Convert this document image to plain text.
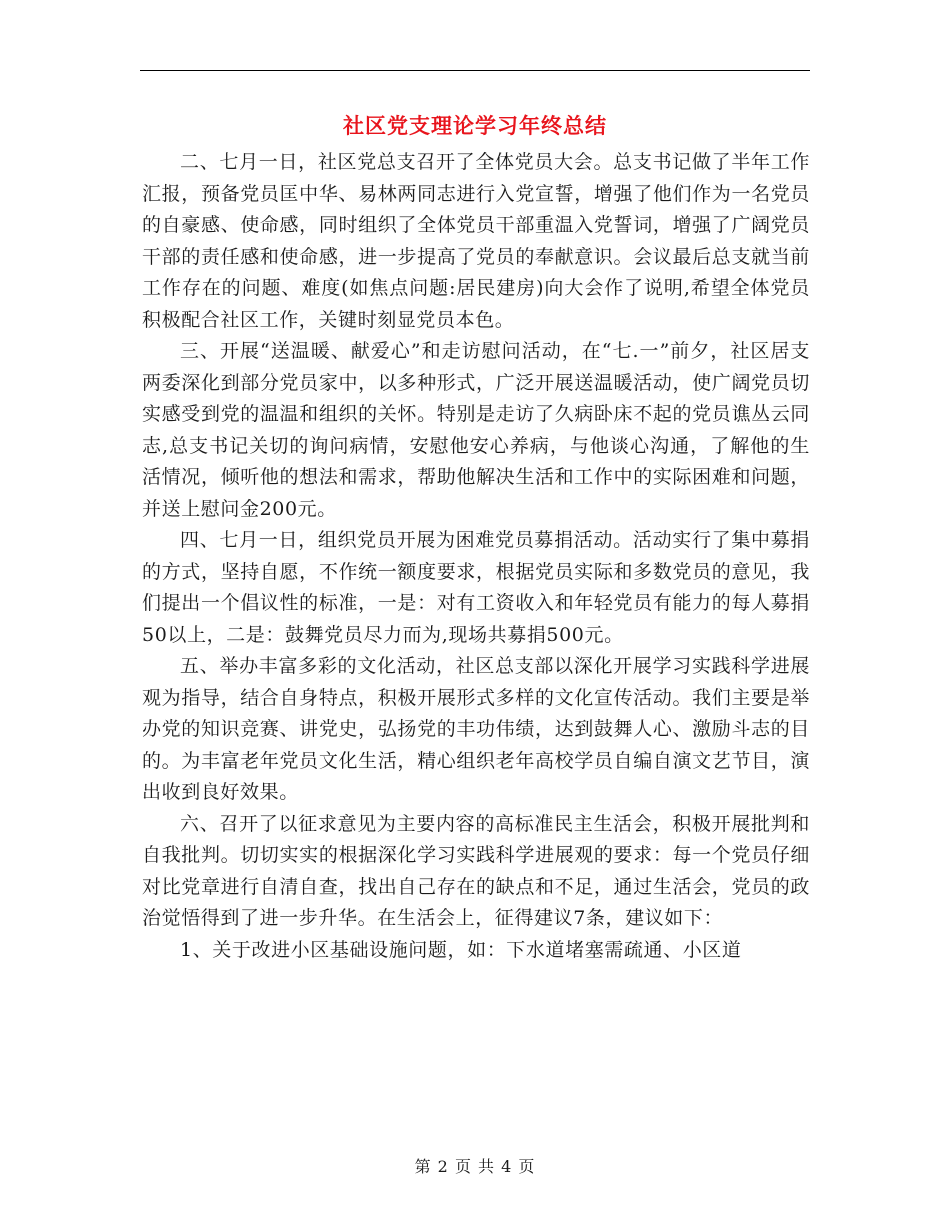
社区党支理论学习年终总结

二、七月一日，社区党总支召开了全体党员大会。总支书记做了半年工作汇报，预备党员匡中华、易林两同志进行入党宣誓，增强了他们作为一名党员的自豪感、使命感，同时组织了全体党员干部重温入党誓词，增强了广阔党员干部的责任感和使命感，进一步提高了党员的奉献意识。会议最后总支就当前工作存在的问题、难度(如焦点问题:居民建房)向大会作了说明,希望全体党员积极配合社区工作，关键时刻显党员本色。

三、开展“送温暖、献爱心”和走访慰问活动，在“七.一”前夕，社区居支两委深化到部分党员家中，以多种形式，广泛开展送温暖活动，使广阔党员切实感受到党的温温和组织的关怀。特别是走访了久病卧床不起的党员谯丛云同志,总支书记关切的询问病情，安慰他安心养病，与他谈心沟通，了解他的生活情况，倾听他的想法和需求，帮助他解决生活和工作中的实际困难和问题，并送上慰问金200元。

四、七月一日，组织党员开展为困难党员募捐活动。活动实行了集中募捐的方式，坚持自愿，不作统一额度要求，根据党员实际和多数党员的意见，我们提出一个倡议性的标准，一是：对有工资收入和年轻党员有能力的每人募捐50以上，二是：鼓舞党员尽力而为,现场共募捐500元。

五、举办丰富多彩的文化活动，社区总支部以深化开展学习实践科学进展观为指导，结合自身特点，积极开展形式多样的文化宣传活动。我们主要是举办党的知识竞赛、讲党史，弘扬党的丰功伟绩，达到鼓舞人心、激励斗志的目的。为丰富老年党员文化生活，精心组织老年高校学员自编自演文艺节目，演出收到良好效果。

六、召开了以征求意见为主要内容的高标准民主生活会，积极开展批判和自我批判。切切实实的根据深化学习实践科学进展观的要求：每一个党员仔细对比党章进行自清自查，找出自己存在的缺点和不足，通过生活会，党员的政治觉悟得到了进一步升华。在生活会上，征得建议7条，建议如下：

1、关于改进小区基础设施问题，如：下水道堵塞需疏通、小区道

第 2 页 共 4 页
